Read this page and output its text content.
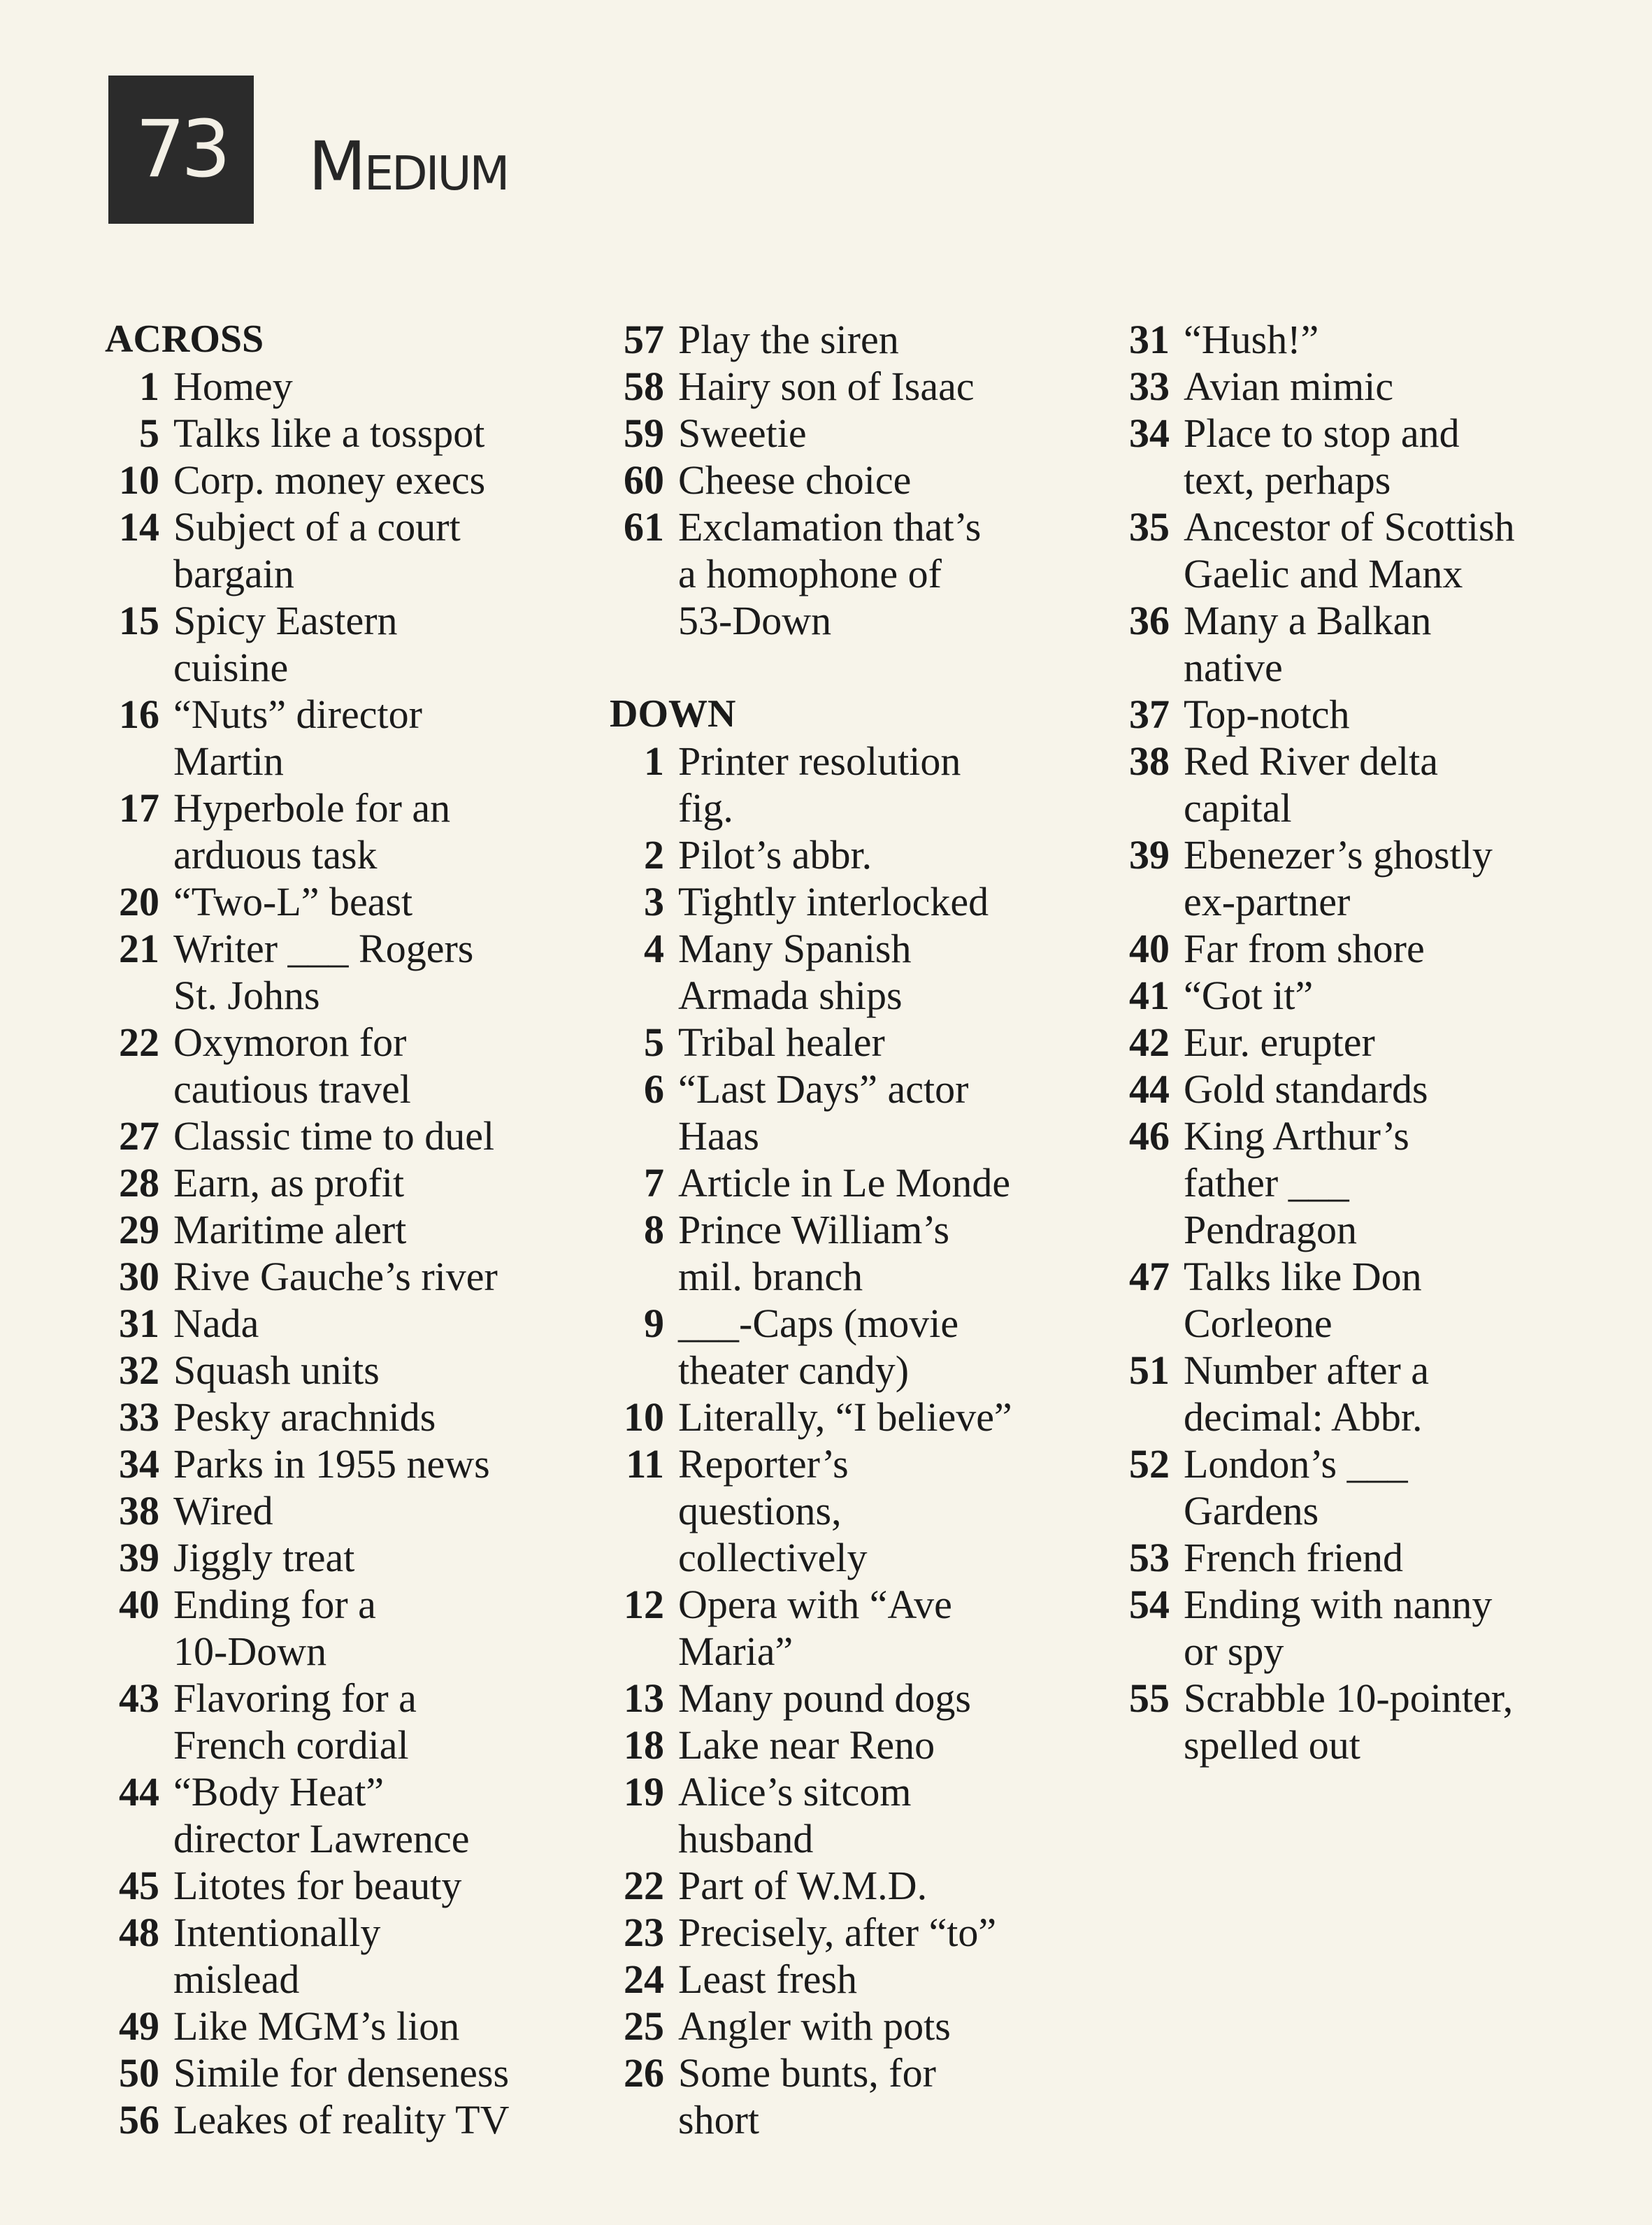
73	Medium
ACROSS
1 Homey
5 Talks like a tosspot
10 Corp. money execs
14 Subject of a court
bargain
15 Spicy Eastern
cuisine
16 “Nuts” director
Martin
17 Hyperbole for an
arduous task
20 “Two-L” beast
21 Writer ___ Rogers
St. Johns
22 Oxymoron for
cautious travel
27 Classic time to duel
28 Earn, as profit
29 Maritime alert
30 Rive Gauche’s river
31 Nada
32 Squash units
33 Pesky arachnids
34 Parks in 1955 news
38 Wired
39 Jiggly treat
40 Ending for a
10-Down
43 Flavoring for a
French cordial
44 “Body Heat”
director Lawrence
45 Litotes for beauty
48 Intentionally
mislead
49 Like MGM’s lion
50 Simile for denseness
56 Leakes of reality TV
57 Play the siren
58 Hairy son of Isaac
59 Sweetie
60 Cheese choice
61 Exclamation that’s
a homophone of
53-Down
DOWN
1 Printer resolution
fig.
2 Pilot’s abbr.
3 Tightly interlocked
4 Many Spanish
Armada ships
5 Tribal healer
6 “Last Days” actor
Haas
7 Article in Le Monde
8 Prince William’s
mil. branch
9 ___-Caps (movie
theater candy)
10 Literally, “I believe”
11 Reporter’s
questions,
collectively
12 Opera with “Ave
Maria”
13 Many pound dogs
18 Lake near Reno
19 Alice’s sitcom
husband
22 Part of W.M.D.
23 Precisely, after “to”
24 Least fresh
25 Angler with pots
26 Some bunts, for
short
31 “Hush!”
33 Avian mimic
34 Place to stop and
text, perhaps
35 Ancestor of Scottish
Gaelic and Manx
36 Many a Balkan
native
37 Top-notch
38 Red River delta
capital
39 Ebenezer’s ghostly
ex-partner
40 Far from shore
41 “Got it”
42 Eur. erupter
44 Gold standards
46 King Arthur’s
father ___
Pendragon
47 Talks like Don
Corleone
51 Number after a
decimal: Abbr.
52 London’s ___
Gardens
53 French friend
54 Ending with nanny
or spy
55 Scrabble 10-pointer,
spelled out
